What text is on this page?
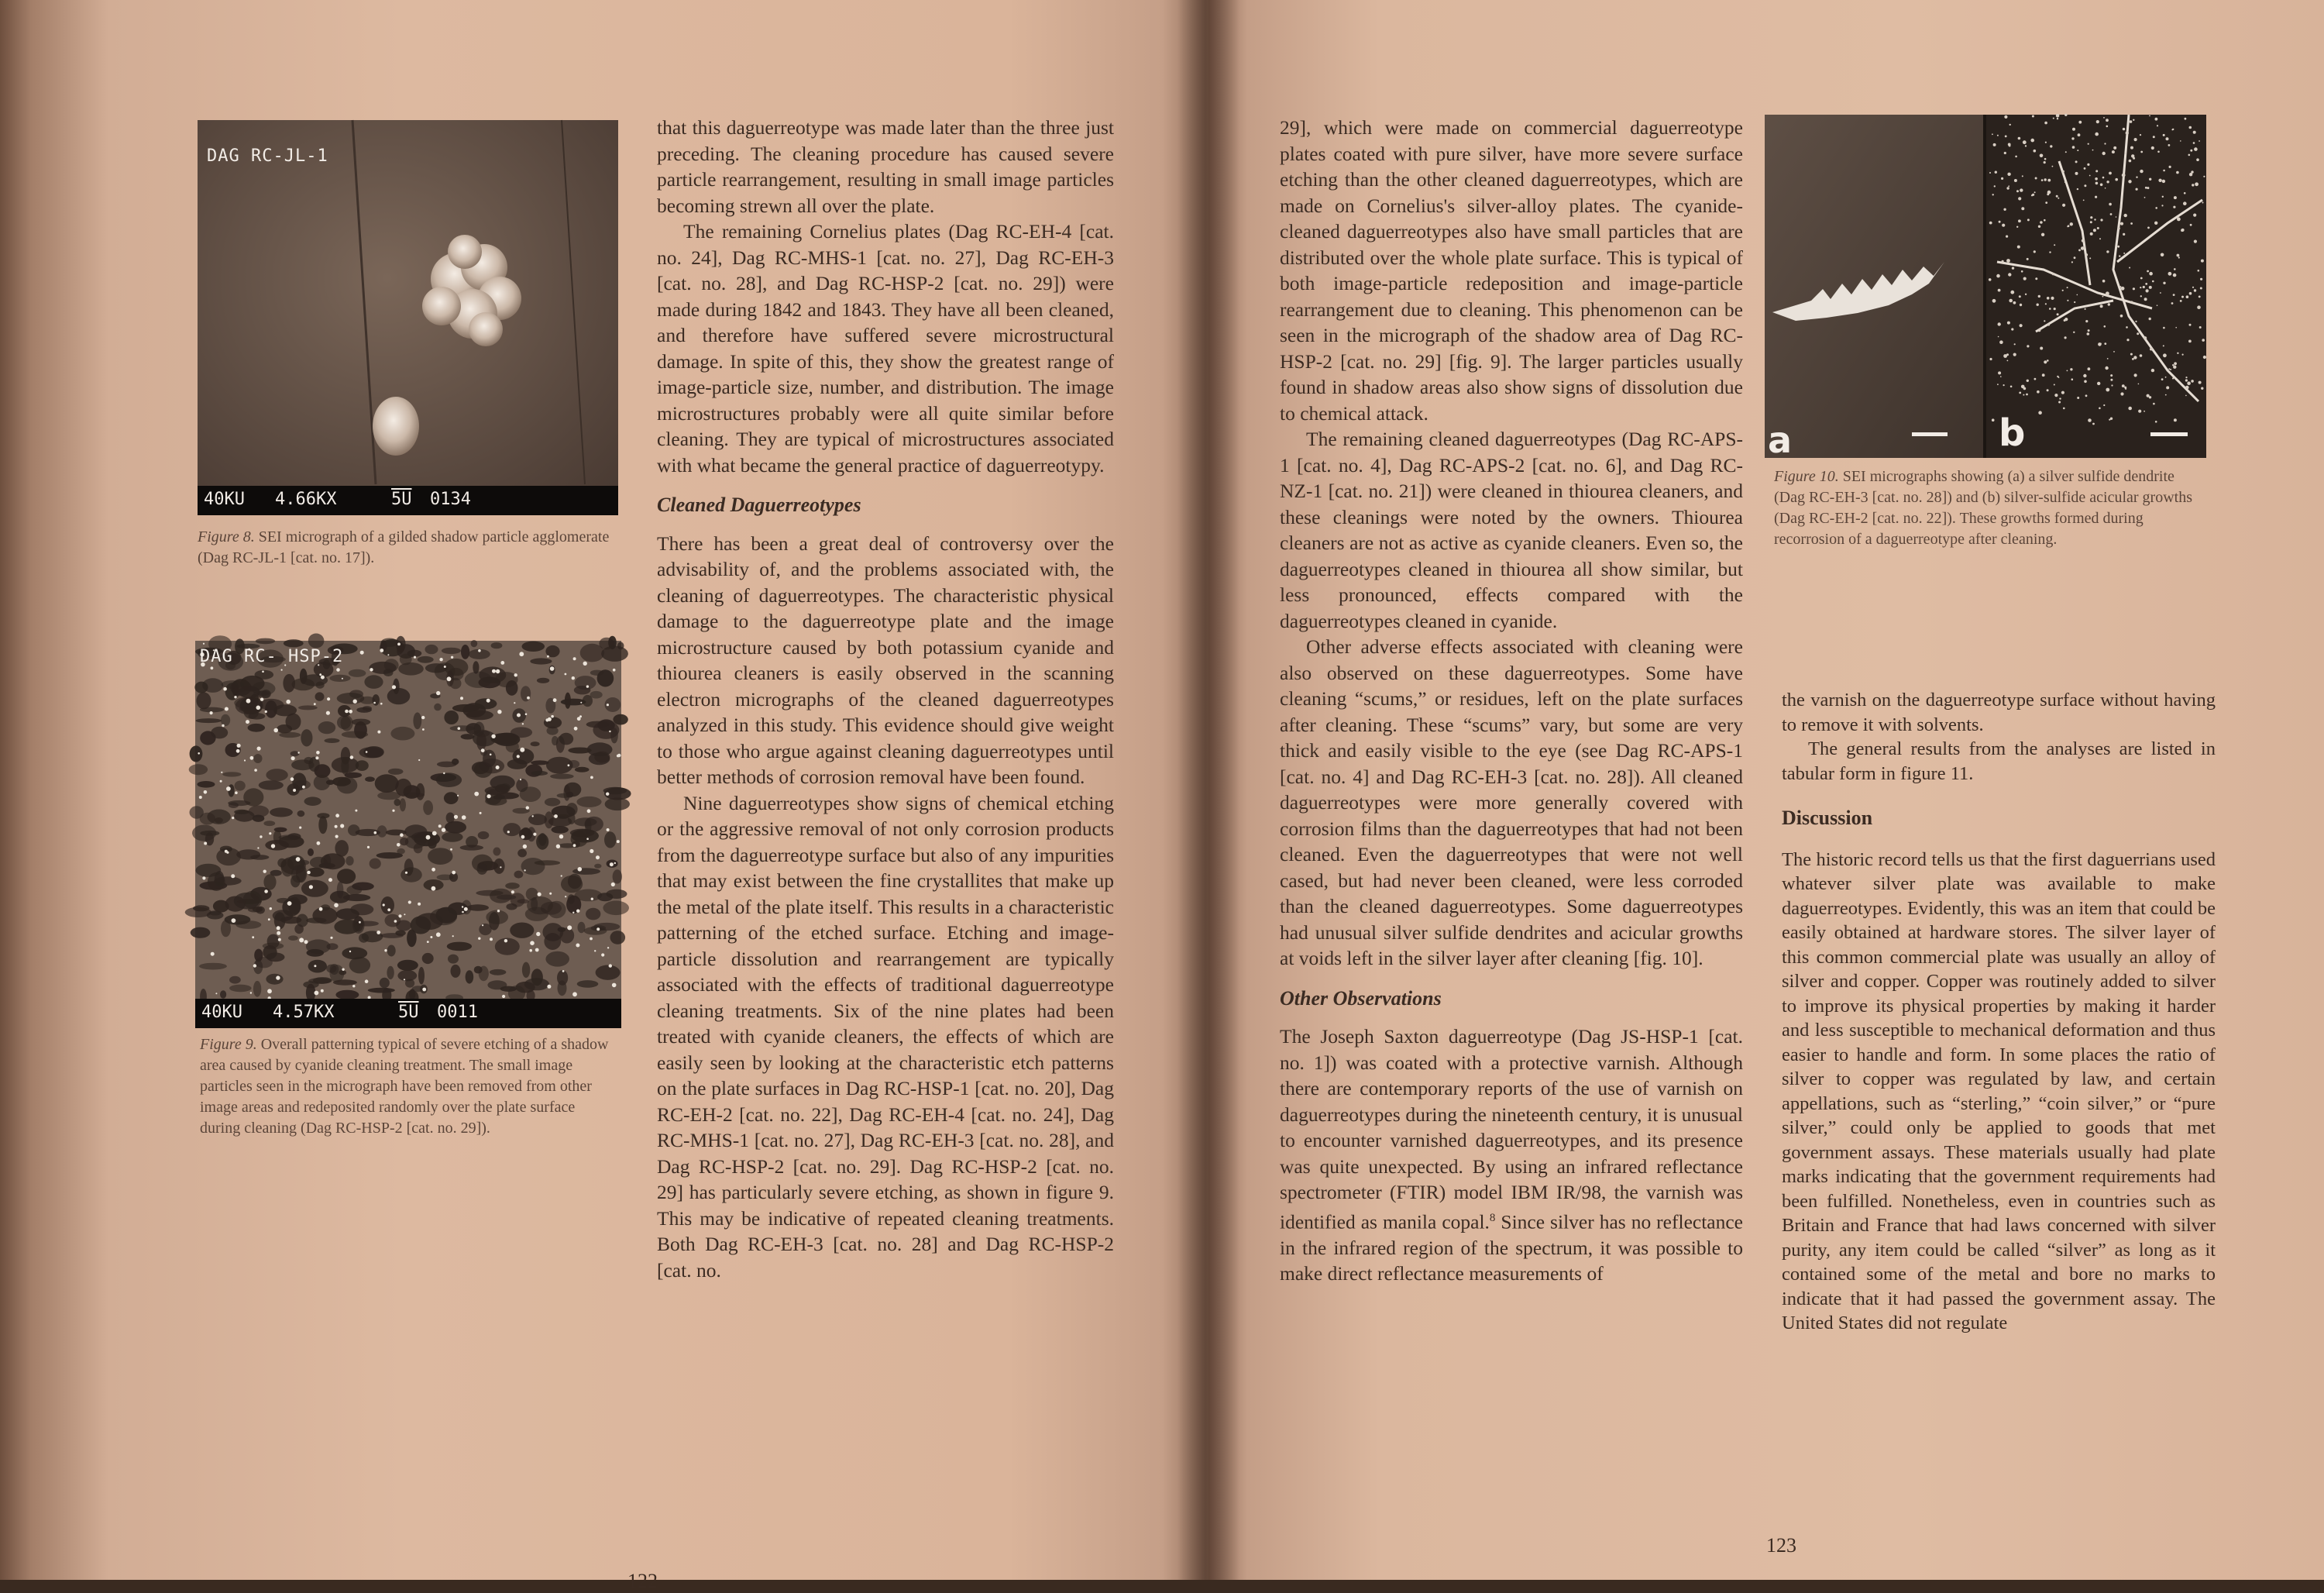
DAG RC-JL-1
40KU 4.66KX	5U 0134
Figure 8. SEI micrograph of a gilded shadow particle agglomerate (Dag RC-JL-1 [cat. no. 17]).
DAG RC- HSP-2
40KU 4.57KX	5U 0011
Figure 9. Overall patterning typical of severe etching of a shadow area caused by cyanide cleaning treatment. The small image particles seen in the micrograph have been removed from other image areas and redeposited randomly over the plate surface during cleaning (Dag RC-HSP-2 [cat. no. 29]).

that this daguerreotype was made later than the three just preceding. The cleaning procedure has caused severe particle rearrangement, resulting in small image particles becoming strewn all over the plate.

The remaining Cornelius plates (Dag RC-EH-4 [cat. no. 24], Dag RC-MHS-1 [cat. no. 27], Dag RC-EH-3 [cat. no. 28], and Dag RC-HSP-2 [cat. no. 29]) were made during 1842 and 1843. They have all been cleaned, and therefore have suffered severe microstructural damage. In spite of this, they show the greatest range of image-particle size, number, and distribution. The image microstructures probably were all quite similar before cleaning. They are typical of microstructures associated with what became the general practice of daguerreotypy.

Cleaned Daguerreotypes

There has been a great deal of controversy over the advisability of, and the problems associated with, the cleaning of daguerreotypes. The characteristic physical damage to the daguerreotype plate and the image microstructure caused by both potassium cyanide and thiourea cleaners is easily observed in the scanning electron micrographs of the cleaned daguerreotypes analyzed in this study. This evidence should give weight to those who argue against cleaning daguerreotypes until better methods of corrosion removal have been found.

Nine daguerreotypes show signs of chemical etching or the aggressive removal of not only corrosion products from the daguerreotype surface but also of any impurities that may exist between the fine crystallites that make up the metal of the plate itself. This results in a characteristic patterning of the etched surface. Etching and image-particle dissolution and rearrangement are typically associated with the effects of traditional daguerreotype cleaning treatments. Six of the nine plates had been treated with cyanide cleaners, the effects of which are easily seen by looking at the characteristic etch patterns on the plate surfaces in Dag RC-HSP-1 [cat. no. 20], Dag RC-EH-2 [cat. no. 22], Dag RC-EH-4 [cat. no. 24], Dag RC-MHS-1 [cat. no. 27], Dag RC-EH-3 [cat. no. 28], and Dag RC-HSP-2 [cat. no. 29]. Dag RC-HSP-2 [cat. no. 29] has particularly severe etching, as shown in figure 9. This may be indicative of repeated cleaning treatments. Both Dag RC-EH-3 [cat. no. 28] and Dag RC-HSP-2 [cat. no.

122

29], which were made on commercial daguerreotype plates coated with pure silver, have more severe surface etching than the other cleaned daguerreotypes, which are made on Cornelius's silver-alloy plates. The cyanide-cleaned daguerreotypes also have small particles that are distributed over the whole plate surface. This is typical of both image-particle redeposition and image-particle rearrangement due to cleaning. This phenomenon can be seen in the micrograph of the shadow area of Dag RC-HSP-2 [cat. no. 29] [fig. 9]. The larger particles usually found in shadow areas also show signs of dissolution due to chemical attack.

The remaining cleaned daguerreotypes (Dag RC-APS-1 [cat. no. 4], Dag RC-APS-2 [cat. no. 6], and Dag RC-NZ-1 [cat. no. 21]) were cleaned in thiourea cleaners, and these cleanings were noted by the owners. Thiourea cleaners are not as active as cyanide cleaners. Even so, the daguerreotypes cleaned in thiourea all show similar, but less pronounced, effects compared with the daguerreotypes cleaned in cyanide.

Other adverse effects associated with cleaning were also observed on these daguerreotypes. Some have cleaning “scums,” or residues, left on the plate surfaces after cleaning. These “scums” vary, but some are very thick and easily visible to the eye (see Dag RC-APS-1 [cat. no. 4] and Dag RC-EH-3 [cat. no. 28]). All cleaned daguerreotypes were more generally covered with corrosion films than the daguerreotypes that had not been cleaned. Even the daguerreotypes that were not well cased, but had never been cleaned, were less corroded than the cleaned daguerreotypes. Some daguerreotypes had unusual silver sulfide dendrites and acicular growths at voids left in the silver layer after cleaning [fig. 10].

Other Observations

The Joseph Saxton daguerreotype (Dag JS-HSP-1 [cat. no. 1]) was coated with a protective varnish. Although there are contemporary reports of the use of varnish on daguerreotypes during the nineteenth century, it is unusual to encounter varnished daguerreotypes, and its presence was quite unexpected. By using an infrared reflectance spectrometer (FTIR) model IBM IR/98, the varnish was identified as manila copal.$^8$ Since silver has no reflectance in the infrared region of the spectrum, it was possible to make direct reflectance measurements of

a	b
Figure 10. SEI micrographs showing (a) a silver sulfide dendrite (Dag RC-EH-3 [cat. no. 28]) and (b) silver-sulfide acicular growths (Dag RC-EH-2 [cat. no. 22]). These growths formed during recorrosion of a daguerreotype after cleaning.

the varnish on the daguerreotype surface without having to remove it with solvents.

The general results from the analyses are listed in tabular form in figure 11.

Discussion

The historic record tells us that the first daguerrians used whatever silver plate was available to make daguerreotypes. Evidently, this was an item that could be easily obtained at hardware stores. The silver layer of this common commercial plate was usually an alloy of silver and copper. Copper was routinely added to silver to improve its physical properties by making it harder and less susceptible to mechanical deformation and thus easier to handle and form. In some places the ratio of silver to copper was regulated by law, and certain appellations, such as “sterling,” “coin silver,” or “pure silver,” could only be applied to goods that met government assays. These materials usually had plate marks indicating that the government requirements had been fulfilled. Nonetheless, even in countries such as Britain and France that had laws concerned with silver purity, any item could be called “silver” as long as it contained some of the metal and bore no marks to indicate that it had passed the government assay. The United States did not regulate

123
